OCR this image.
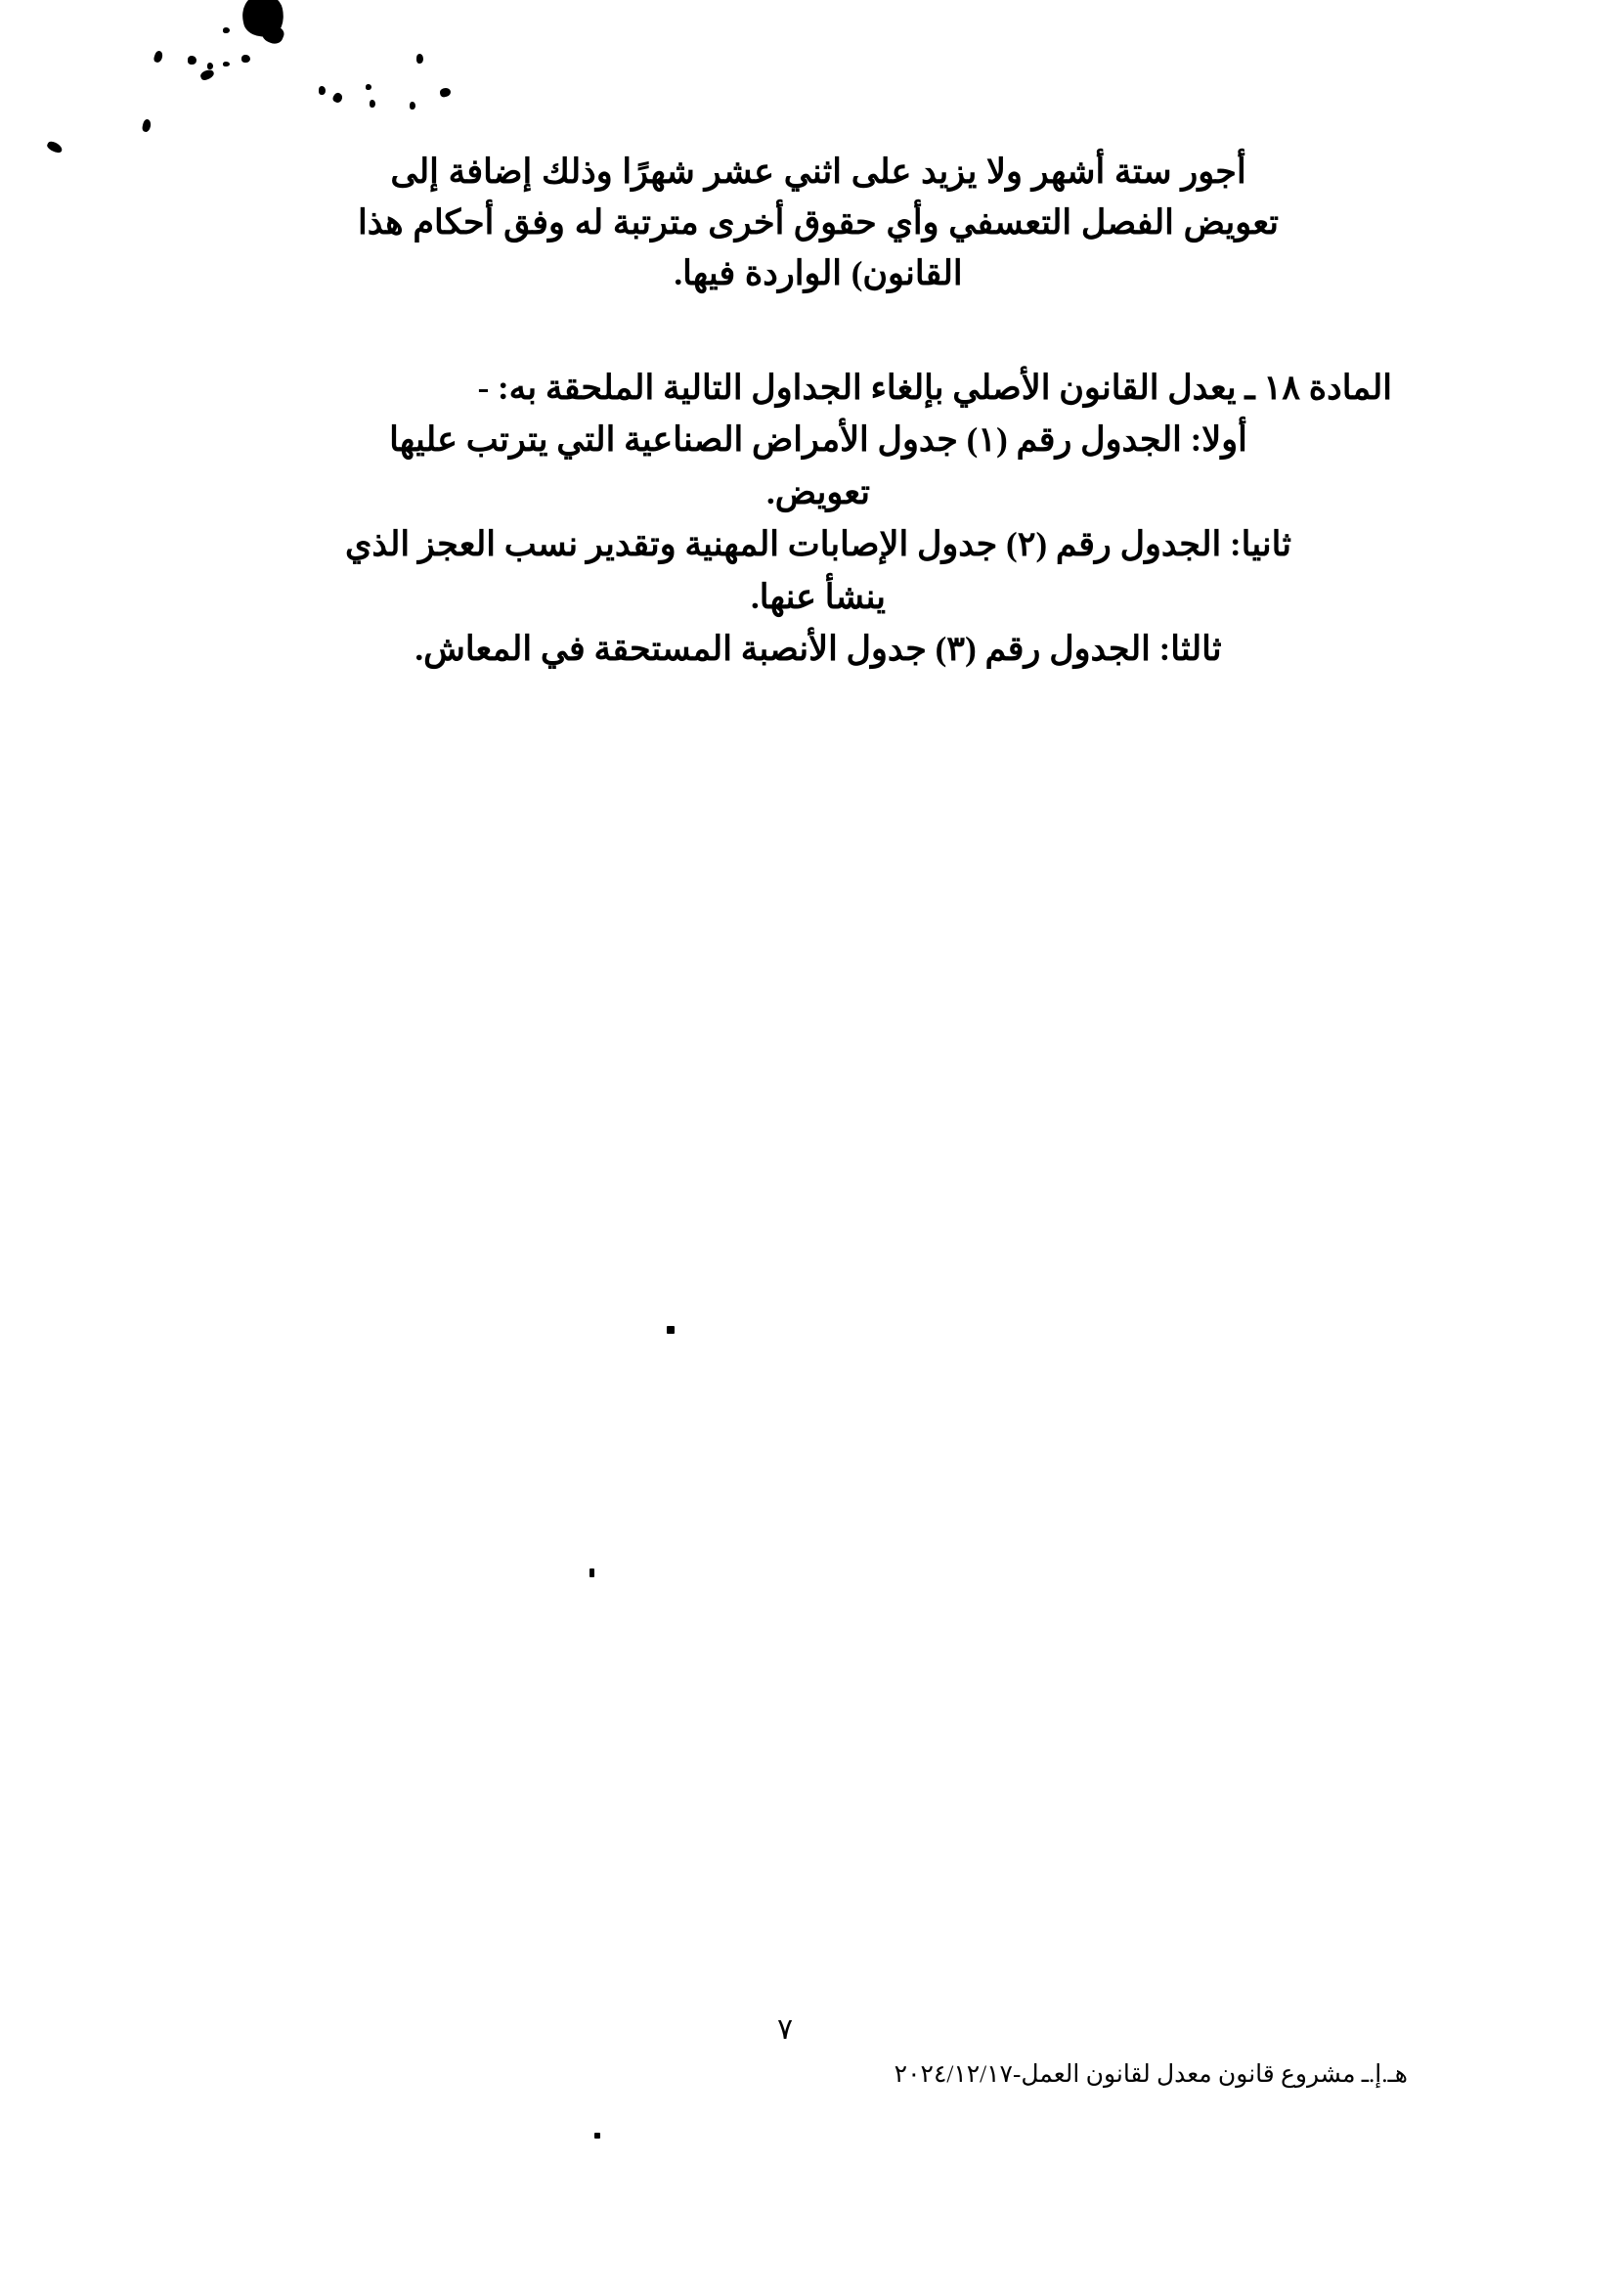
أجور ستة أشهر ولا يزيد على اثني عشر شهرًا وذلك إضافة إلى

تعويض الفصل التعسفي وأي حقوق أخرى مترتبة له وفق أحكام هذا

القانون) الواردة فيها.

المادة ١٨ ـ يعدل القانون الأصلي بإلغاء الجداول التالية الملحقة به: -

أولا: الجدول رقم (١) جدول الأمراض الصناعية التي يترتب عليها

تعويض.

ثانيا: الجدول رقم (٢) جدول الإصابات المهنية وتقدير نسب العجز الذي

ينشأ عنها.

ثالثا: الجدول رقم (٣) جدول الأنصبة المستحقة في المعاش.

٧
هـ.إ.ـ مشروع قانون معدل لقانون العمل-٢٠٢٤/١٢/١٧
